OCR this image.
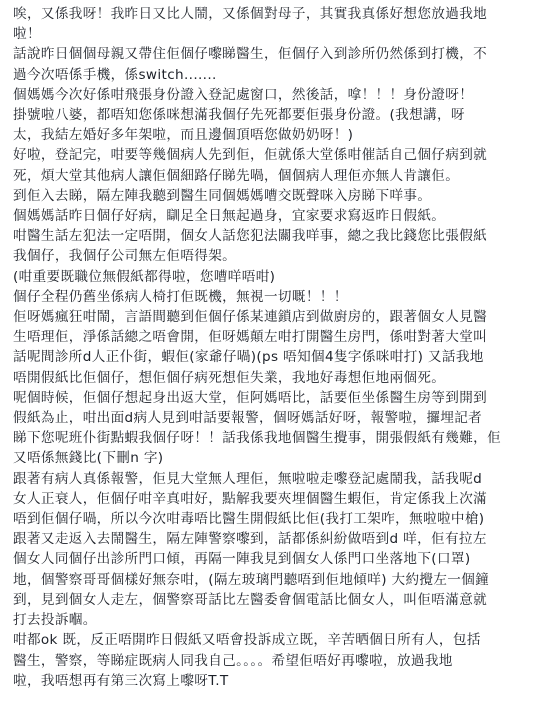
唉，又係我呀！我昨日又比人鬧，又係個對母子，其實我真係好想您放過我地
啦！
話說昨日個個母親又帶住佢個仔嚟睇醫生，佢個仔入到診所仍然係到打機，不
過今次唔係手機，係switch.......
個媽媽今次好係咁飛張身份證入登記處窗口，然後話，嗱！！！身份證呀！
掛號啦八婆，都唔知您係咪想滿我個仔先死都要佢張身份證。(我想講，呀
太，我結左婚好多年架啦，而且邊個頂唔您做奶奶呀！)
好啦，登記完，咁要等幾個病人先到佢，佢就係大堂係咁催話自己個仔病到就
死，煩大堂其他病人讓佢個細路仔睇先喎，個個病人理佢亦無人肯讓佢。
到佢入去睇，隔左陣我聽到醫生同個媽媽嘈交既聲咪入房睇下咩事。
個媽媽話昨日個仔好病，瞓足全日無起過身，宜家要求寫返昨日假紙。
咁醫生話左犯法一定唔開，個女人話您犯法關我咩事，總之我比錢您比張假紙
我個仔，我個仔公司無左佢唔得架。
(咁重要既職位無假紙都得啦，您嘈咩唔咁)
個仔全程仍舊坐係病人椅打佢既機，無視一切嘅！！！
佢呀媽瘋狂咁鬧，言語間聽到佢個仔係某連鎖店到做廚房的，跟著個女人見醫
生唔理佢，淨係話總之唔會開，佢呀媽顛左咁打開醫生房門，係咁對著大堂叫
話呢間診所d人正仆街，蝦佢(家爺仔喎)(ps 唔知個4隻字係咪咁打) 又話我地
唔開假紙比佢個仔，想佢個仔病死想佢失業，我地好毒想佢地兩個死。
呢個時候，佢個仔想起身出返大堂，佢阿媽唔比，話要佢坐係醫生房等到開到
假紙為止，咁出面d病人見到咁話要報警，個呀媽話好呀，報警啦，攞埋記者
睇下您呢班仆街點蝦我個仔呀！！話我係我地個醫生攪事，開張假紙有幾難，佢
又唔係無錢比(下刪n 字)
跟著有病人真係報警，佢見大堂無人理佢，無啦啦走嚟登記處鬧我，話我呢d
女人正衰人，佢個仔咁辛真咁好，點解我要夾埋個醫生蝦佢，肯定係我上次滿
唔到佢個仔喎，所以今次咁毒唔比醫生開假紙比佢(我打工架咋，無啦啦中槍)
跟著又走返入去鬧醫生，隔左陣警察嚟到，話都係糾紛做唔到d 咩，佢有拉左
個女人同個仔出診所門口傾，再隔一陣我見到個女人係門口坐落地下(口罩)
地，個警察哥哥個樣好無奈咁，(隔左玻璃門聽唔到佢地傾咩) 大約攪左一個鐘
到，見到個女人走左，個警察哥話比左醫委會個電話比個女人，叫佢唔滿意就
打去投訴嗰。
咁都ok 既，反正唔開昨日假紙又唔會投訴成立既，辛苦晒個日所有人，包括
醫生，警察，等睇症既病人同我自己。。。。希望佢唔好再嚟啦，放過我地
啦，我唔想再有第三次寫上嚟呀T.T
